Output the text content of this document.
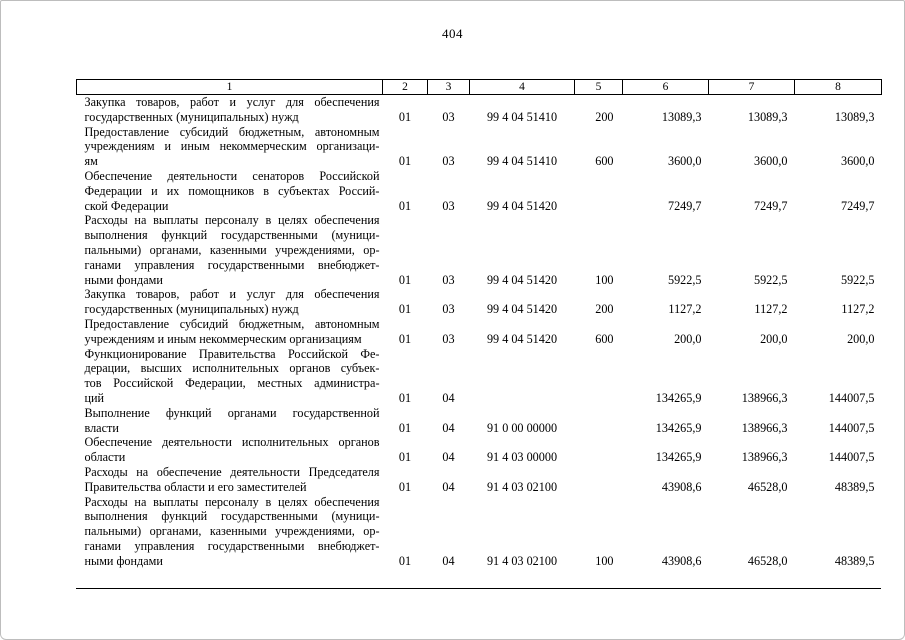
404
1	2	3	4	5	6	7	8

Закупка товаров, работ и услуг для обеспечения
государственных (муниципальных) нужд	01	03	99 4 04 51410	200	13089,3	13089,3	13089,3

Предоставление субсидий бюджетным, автономным
учреждениям и иным некоммерческим организаци-
ям	01	03	99 4 04 51410	600	3600,0	3600,0	3600,0

Обеспечение деятельности сенаторов Российской
Федерации и их помощников в субъектах Россий-
ской Федерации	01	03	99 4 04 51420		7249,7	7249,7	7249,7

Расходы на выплаты персоналу в целях обеспечения
выполнения функций государственными (муници-
пальными) органами, казенными учреждениями, ор-
ганами управления государственными внебюджет-
ными фондами	01	03	99 4 04 51420	100	5922,5	5922,5	5922,5

Закупка товаров, работ и услуг для обеспечения
государственных (муниципальных) нужд	01	03	99 4 04 51420	200	1127,2	1127,2	1127,2

Предоставление субсидий бюджетным, автономным
учреждениям и иным некоммерческим организациям	01	03	99 4 04 51420	600	200,0	200,0	200,0

Функционирование Правительства Российской Фе-
дерации, высших исполнительных органов субъек-
тов Российской Федерации, местных администра-
ций	01	04			134265,9	138966,3	144007,5

Выполнение функций органами государственной
власти	01	04	91 0 00 00000		134265,9	138966,3	144007,5

Обеспечение деятельности исполнительных органов
области	01	04	91 4 03 00000		134265,9	138966,3	144007,5

Расходы на обеспечение деятельности Председателя
Правительства области и его заместителей	01	04	91 4 03 02100		43908,6	46528,0	48389,5

Расходы на выплаты персоналу в целях обеспечения
выполнения функций государственными (муници-
пальными) органами, казенными учреждениями, ор-
ганами управления государственными внебюджет-
ными фондами	01	04	91 4 03 02100	100	43908,6	46528,0	48389,5
